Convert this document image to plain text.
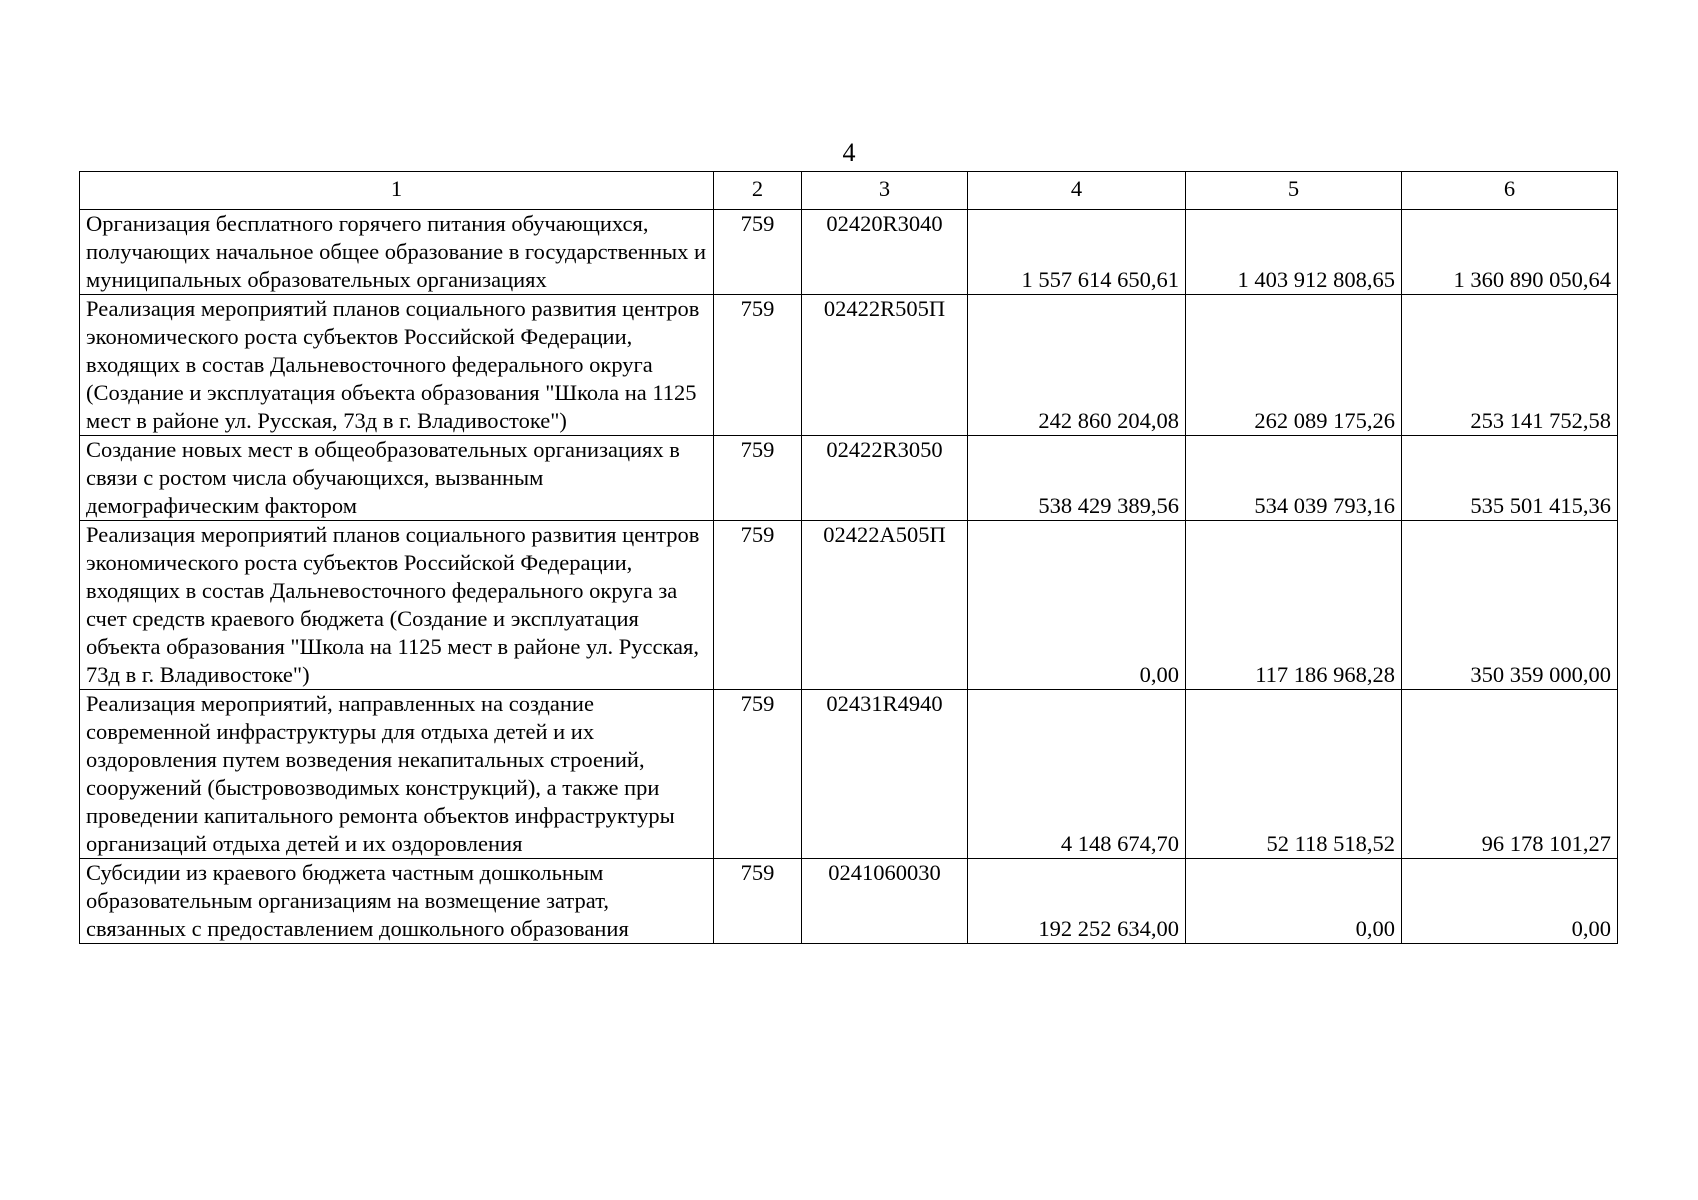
4
1	2	3	4	5	6
Организация бесплатного горячего питания обучающихся, получающих начальное общее образование в государственных и муниципальных образовательных организациях	759	02420R3040	1 557 614 650,61	1 403 912 808,65	1 360 890 050,64
Реализация мероприятий планов социального развития центров экономического роста субъектов Российской Федерации, входящих в состав Дальневосточного федерального округа (Создание и эксплуатация объекта образования "Школа на 1125 мест в районе ул. Русская, 73д в г. Владивостоке")	759	02422R505П	242 860 204,08	262 089 175,26	253 141 752,58
Создание новых мест в общеобразовательных организациях в связи с ростом числа обучающихся, вызванным демографическим фактором	759	02422R3050	538 429 389,56	534 039 793,16	535 501 415,36
Реализация мероприятий планов социального развития центров экономического роста субъектов Российской Федерации, входящих в состав Дальневосточного федерального округа за счет средств краевого бюджета (Создание и эксплуатация объекта образования "Школа на 1125 мест в районе ул. Русская, 73д в г. Владивостоке")	759	02422А505П	0,00	117 186 968,28	350 359 000,00
Реализация мероприятий, направленных на создание современной инфраструктуры для отдыха детей и их оздоровления путем возведения некапитальных строений, сооружений (быстровозводимых конструкций), а также при проведении капитального ремонта объектов инфраструктуры организаций отдыха детей и их оздоровления	759	02431R4940	4 148 674,70	52 118 518,52	96 178 101,27
Субсидии из краевого бюджета частным дошкольным образовательным организациям на возмещение затрат, связанных с предоставлением дошкольного образования	759	0241060030	192 252 634,00	0,00	0,00
